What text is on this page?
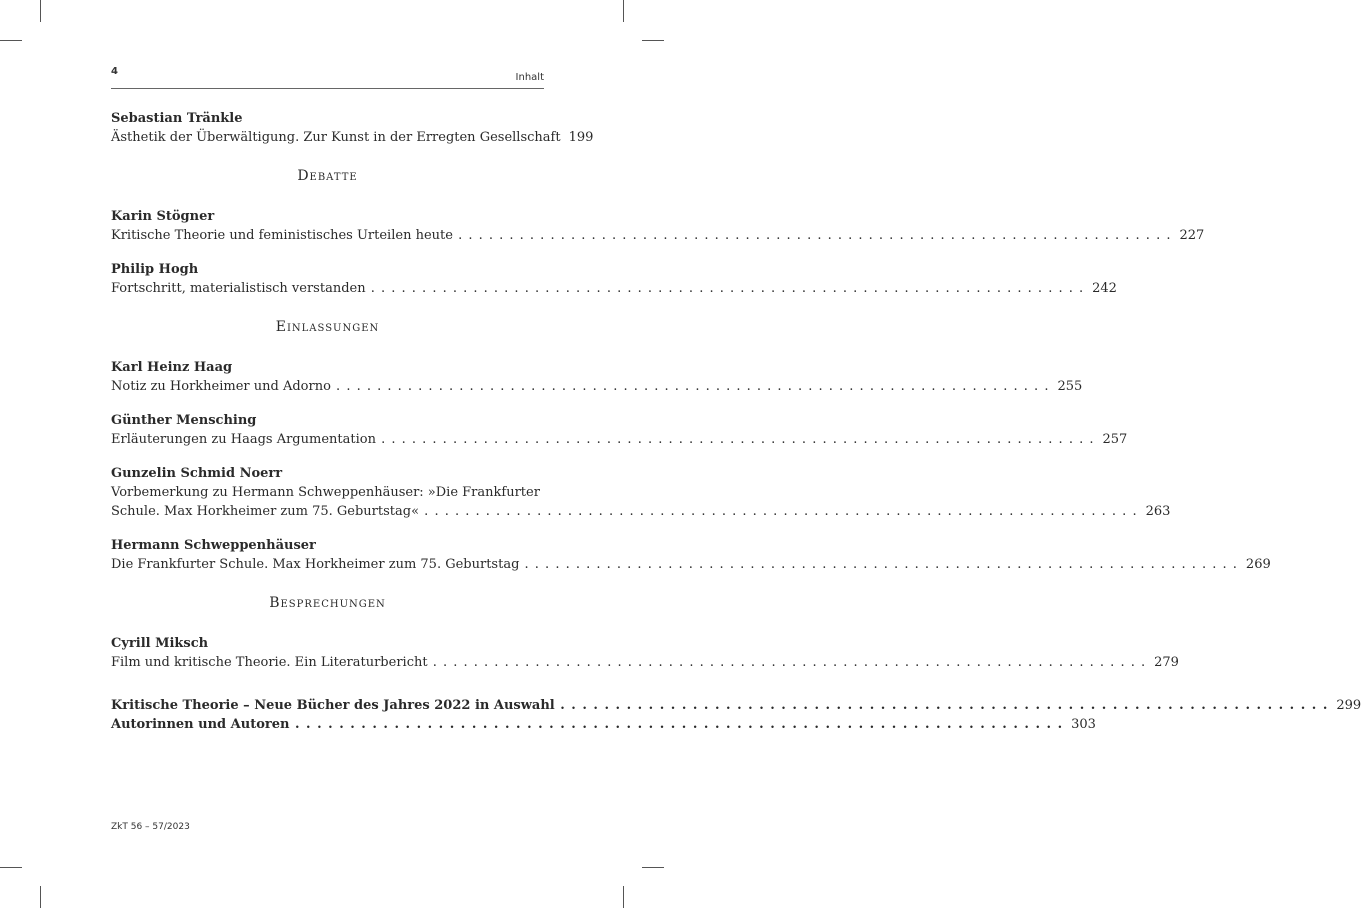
4
Inhalt
Sebastian Tränkle
Ästhetik der Überwältigung. Zur Kunst in der Erregten Gesellschaft 199
Debatte
Karin Stögner
Kritische Theorie und feministisches Urteilen heute . . .	227
Philip Hogh
Fortschritt, materialistisch verstanden . . .	242
Einlassungen
Karl Heinz Haag
Notiz zu Horkheimer und Adorno . . .	255
Günther Mensching
Erläuterungen zu Haags Argumentation . . .	257
Gunzelin Schmid Noerr
Vorbemerkung zu Hermann Schweppenhäuser: »Die Frankfurter
Schule. Max Horkheimer zum 75. Geburtstag« . . .	263
Hermann Schweppenhäuser
Die Frankfurter Schule. Max Horkheimer zum 75. Geburtstag . . .	269
Besprechungen
Cyrill Miksch
Film und kritische Theorie. Ein Literaturbericht . . .	279
Kritische Theorie – Neue Bücher des Jahres 2022 in Auswahl . . .	299
Autorinnen und Autoren . . .	303
ZkT 56 – 57/2023
